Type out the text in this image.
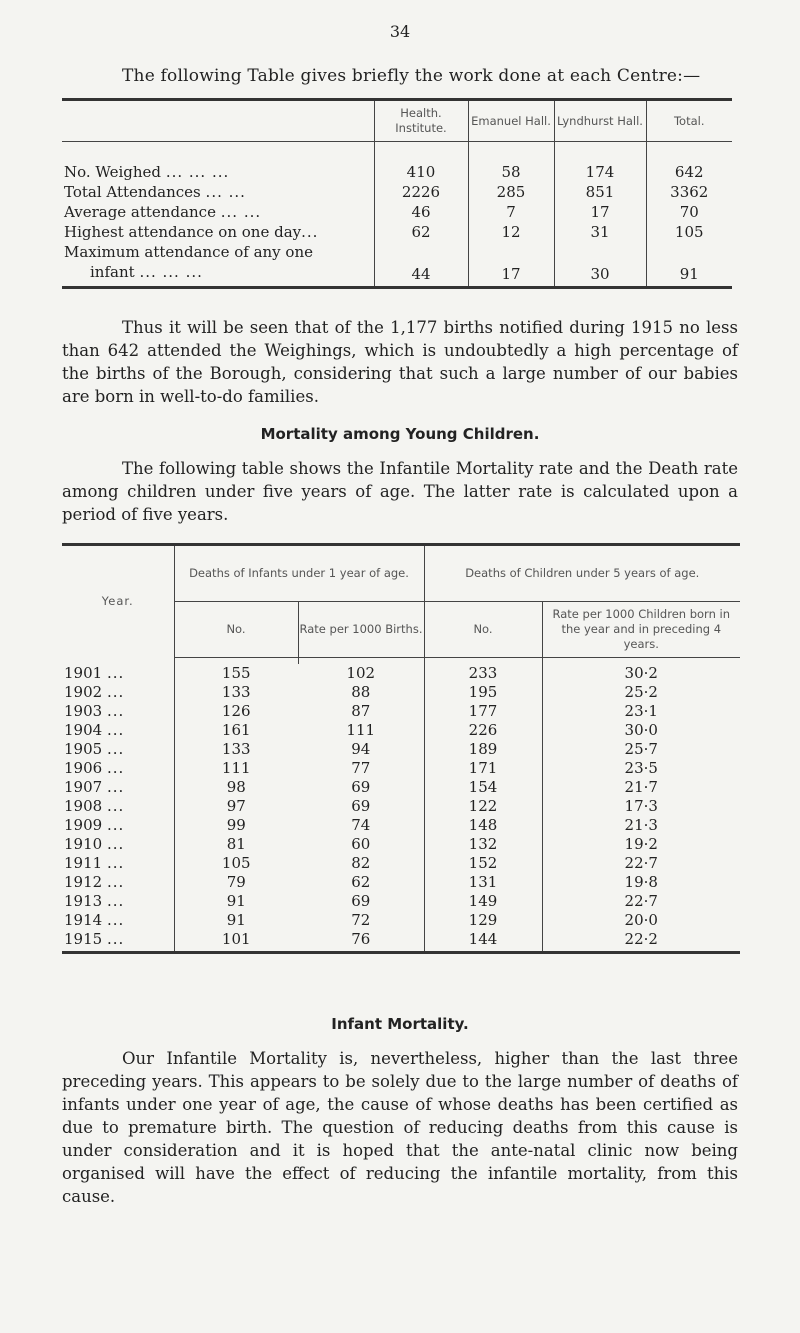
34
The following Table gives briefly the work done at each Centre:—

	Health. Institute.	Emanuel Hall.	Lyndhurst Hall.	Total.

No. Weighed ... ... ...	410	58	174	642
Total Attendances ... ...	2226	285	851	3362
Average attendance ... ...	46	7	17	70
Highest attendance on one day...	62	12	31	105
Maximum attendance of any one				
infant ... ... ...	44	17	30	91
Thus it will be seen that of the 1,177 births notified during 1915 no less than 642 attended the Weighings, which is undoubtedly a high percentage of the births of the Borough, considering that such a large number of our babies are born in well-to-do families.
Mortality among Young Children.
The following table shows the Infantile Mortality rate and the Death rate among children under five years of age. The latter rate is calculated upon a period of five years.
Year.	Deaths of Infants under 1 year of age.		Deaths of Children under 5 years of age.	
	No.	Rate per 1000 Births.	No.	Rate per 1000 Children born in the year and in preceding 4 years.

1901 ...	155	102	233	30·2
1902 ...	133	88	195	25·2
1903 ...	126	87	177	23·1
1904 ...	161	111	226	30·0
1905 ...	133	94	189	25·7
1906 ...	111	77	171	23·5
1907 ...	98	69	154	21·7
1908 ...	97	69	122	17·3
1909 ...	99	74	148	21·3
1910 ...	81	60	132	19·2
1911 ...	105	82	152	22·7
1912 ...	79	62	131	19·8
1913 ...	91	69	149	22·7
1914 ...	91	72	129	20·0
1915 ...	101	76	144	22·2
Infant Mortality.
Our Infantile Mortality is, nevertheless, higher than the last three preceding years. This appears to be solely due to the large number of deaths of infants under one year of age, the cause of whose deaths has been certified as due to premature birth. The question of reducing deaths from this cause is under consideration and it is hoped that the ante-natal clinic now being organised will have the effect of reducing the infantile mortality, from this cause.
